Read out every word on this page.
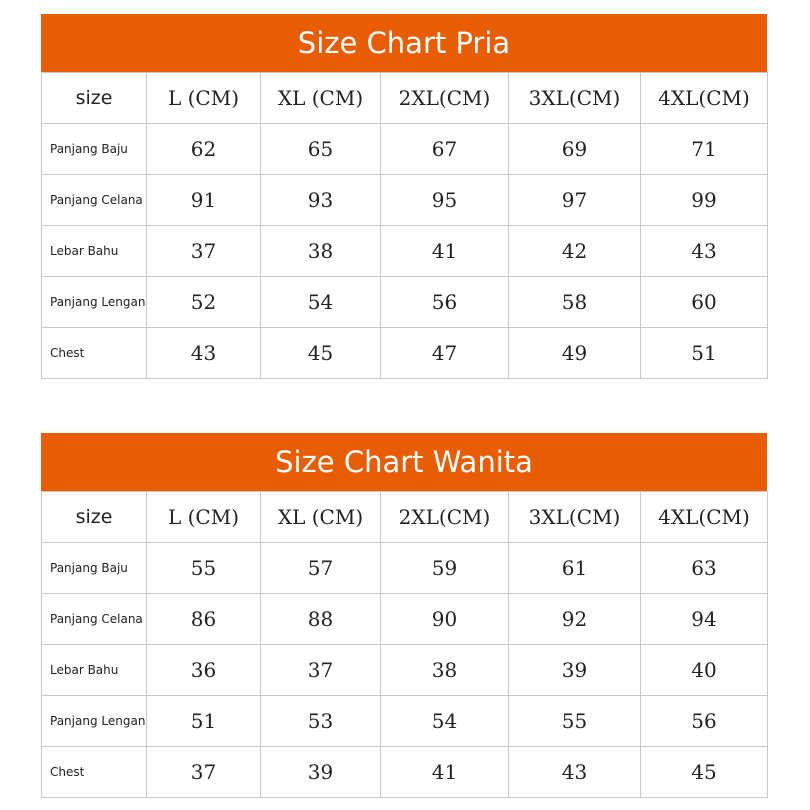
Size Chart Pria
size	L (CM)	XL (CM)	2XL(CM)	3XL(CM)	4XL(CM)
Panjang Baju	62	65	67	69	71
Panjang Celana	91	93	95	97	99
Lebar Bahu	37	38	41	42	43
Panjang Lengan	52	54	56	58	60
Chest	43	45	47	49	51
Size Chart Wanita
size	L (CM)	XL (CM)	2XL(CM)	3XL(CM)	4XL(CM)
Panjang Baju	55	57	59	61	63
Panjang Celana	86	88	90	92	94
Lebar Bahu	36	37	38	39	40
Panjang Lengan	51	53	54	55	56
Chest	37	39	41	43	45
